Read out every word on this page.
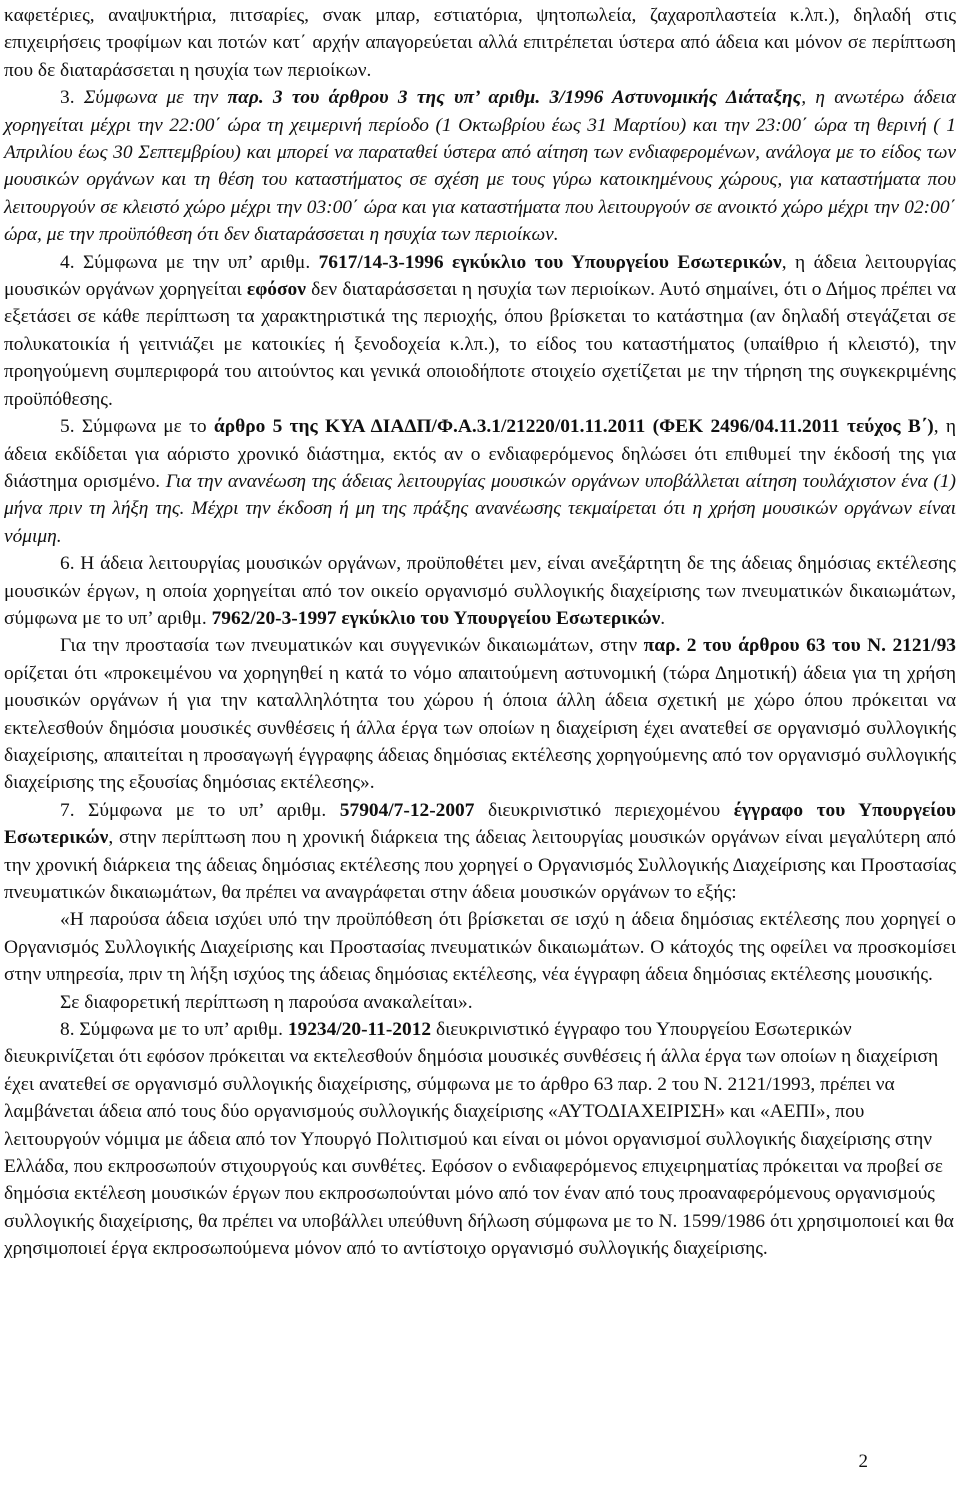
καφετέριες, αναψυκτήρια, πιτσαρίες, σνακ μπαρ, εστιατόρια, ψητοπωλεία, ζαχαροπλαστεία κ.λπ.), δηλαδή στις επιχειρήσεις τροφίμων και ποτών κατ΄ αρχήν απαγορεύεται αλλά επιτρέπεται ύστερα από άδεια και μόνον σε περίπτωση που δε διαταράσσεται η ησυχία των περιοίκων.

3. Σύμφωνα με την παρ. 3 του άρθρου 3 της υπ’ αριθμ. 3/1996 Αστυνομικής Διάταξης, η ανωτέρω άδεια χορηγείται μέχρι την 22:00΄ ώρα τη χειμερινή περίοδο (1 Οκτωβρίου έως 31 Μαρτίου) και την 23:00΄ ώρα τη θερινή ( 1 Απριλίου έως 30 Σεπτεμβρίου) και μπορεί να παραταθεί ύστερα από αίτηση των ενδιαφερομένων, ανάλογα με το είδος των μουσικών οργάνων και τη θέση του καταστήματος σε σχέση με τους γύρω κατοικημένους χώρους, για καταστήματα που λειτουργούν σε κλειστό χώρο μέχρι την 03:00΄ ώρα και για καταστήματα που λειτουργούν σε ανοικτό χώρο μέχρι την 02:00΄ ώρα, με την προϋπόθεση ότι δεν διαταράσσεται η ησυχία των περιοίκων.

4. Σύμφωνα με την υπ’ αριθμ. 7617/14-3-1996 εγκύκλιο του Υπουργείου Εσωτερικών, η άδεια λειτουργίας μουσικών οργάνων χορηγείται εφόσον δεν διαταράσσεται η ησυχία των περιοίκων. Αυτό σημαίνει, ότι ο Δήμος πρέπει να εξετάσει σε κάθε περίπτωση τα χαρακτηριστικά της περιοχής, όπου βρίσκεται το κατάστημα (αν δηλαδή στεγάζεται σε πολυκατοικία ή γειτνιάζει με κατοικίες ή ξενοδοχεία κ.λπ.), το είδος του καταστήματος (υπαίθριο ή κλειστό), την προηγούμενη συμπεριφορά του αιτούντος και γενικά οποιοδήποτε στοιχείο σχετίζεται με την τήρηση της συγκεκριμένης προϋπόθεσης.

5. Σύμφωνα με το άρθρο 5 της ΚΥΑ ΔΙΑΔΠ/Φ.Α.3.1/21220/01.11.2011 (ΦΕΚ 2496/04.11.2011 τεύχος Β΄), η άδεια εκδίδεται για αόριστο χρονικό διάστημα, εκτός αν ο ενδιαφερόμενος δηλώσει ότι επιθυμεί την έκδοσή της για διάστημα ορισμένο. Για την ανανέωση της άδειας λειτουργίας μουσικών οργάνων υποβάλλεται αίτηση τουλάχιστον ένα (1) μήνα πριν τη λήξη της. Μέχρι την έκδοση ή μη της πράξης ανανέωσης τεκμαίρεται ότι η χρήση μουσικών οργάνων είναι νόμιμη.

6. Η άδεια λειτουργίας μουσικών οργάνων, προϋποθέτει μεν, είναι ανεξάρτητη δε της άδειας δημόσιας εκτέλεσης μουσικών έργων, η οποία χορηγείται από τον οικείο οργανισμό συλλογικής διαχείρισης των πνευματικών δικαιωμάτων, σύμφωνα με το υπ’ αριθμ. 7962/20-3-1997 εγκύκλιο του Υπουργείου Εσωτερικών.

Για την προστασία των πνευματικών και συγγενικών δικαιωμάτων, στην παρ. 2 του άρθρου 63 του Ν. 2121/93 ορίζεται ότι «προκειμένου να χορηγηθεί η κατά το νόμο απαιτούμενη αστυνομική (τώρα Δημοτική) άδεια για τη χρήση μουσικών οργάνων ή για την καταλληλότητα του χώρου ή όποια άλλη άδεια σχετική με χώρο όπου πρόκειται να εκτελεσθούν δημόσια μουσικές συνθέσεις ή άλλα έργα των οποίων η διαχείριση έχει ανατεθεί σε οργανισμό συλλογικής διαχείρισης, απαιτείται η προσαγωγή έγγραφης άδειας δημόσιας εκτέλεσης χορηγούμενης από τον οργανισμό συλλογικής διαχείρισης της εξουσίας δημόσιας εκτέλεσης».

7. Σύμφωνα με το υπ’ αριθμ. 57904/7-12-2007 διευκρινιστικό περιεχομένου έγγραφο του Υπουργείου Εσωτερικών, στην περίπτωση που η χρονική διάρκεια της άδειας λειτουργίας μουσικών οργάνων είναι μεγαλύτερη από την χρονική διάρκεια της άδειας δημόσιας εκτέλεσης που χορηγεί ο Οργανισμός Συλλογικής Διαχείρισης και Προστασίας πνευματικών δικαιωμάτων, θα πρέπει να αναγράφεται στην άδεια μουσικών οργάνων το εξής:

«Η παρούσα άδεια ισχύει υπό την προϋπόθεση ότι βρίσκεται σε ισχύ η άδεια δημόσιας εκτέλεσης που χορηγεί ο Οργανισμός Συλλογικής Διαχείρισης και Προστασίας πνευματικών δικαιωμάτων. Ο κάτοχός της οφείλει να προσκομίσει στην υπηρεσία, πριν τη λήξη ισχύος της άδειας δημόσιας εκτέλεσης, νέα έγγραφη άδεια δημόσιας εκτέλεσης μουσικής.

Σε διαφορετική περίπτωση η παρούσα ανακαλείται».

8. Σύμφωνα με το υπ’ αριθμ. 19234/20-11-2012 διευκρινιστικό έγγραφο του Υπουργείου Εσωτερικών διευκρινίζεται ότι εφόσον πρόκειται να εκτελεσθούν δημόσια μουσικές συνθέσεις ή άλλα έργα των οποίων η διαχείριση έχει ανατεθεί σε οργανισμό συλλογικής διαχείρισης, σύμφωνα με το άρθρο 63 παρ. 2 του Ν. 2121/1993, πρέπει να λαμβάνεται άδεια από τους δύο οργανισμούς συλλογικής διαχείρισης «ΑΥΤΟΔΙΑΧΕΙΡΙΣΗ» και «ΑΕΠΙ», που λειτουργούν νόμιμα με άδεια από τον Υπουργό Πολιτισμού και είναι οι μόνοι οργανισμοί συλλογικής διαχείρισης στην Ελλάδα, που εκπροσωπούν στιχουργούς και συνθέτες. Εφόσον ο ενδιαφερόμενος επιχειρηματίας πρόκειται να προβεί σε δημόσια εκτέλεση μουσικών έργων που εκπροσωπούνται μόνο από τον έναν από τους προαναφερόμενους οργανισμούς συλλογικής διαχείρισης, θα πρέπει να υποβάλλει υπεύθυνη δήλωση σύμφωνα με το Ν. 1599/1986 ότι χρησιμοποιεί και θα χρησιμοποιεί έργα εκπροσωπούμενα μόνον από το αντίστοιχο οργανισμό συλλογικής διαχείρισης.

2
